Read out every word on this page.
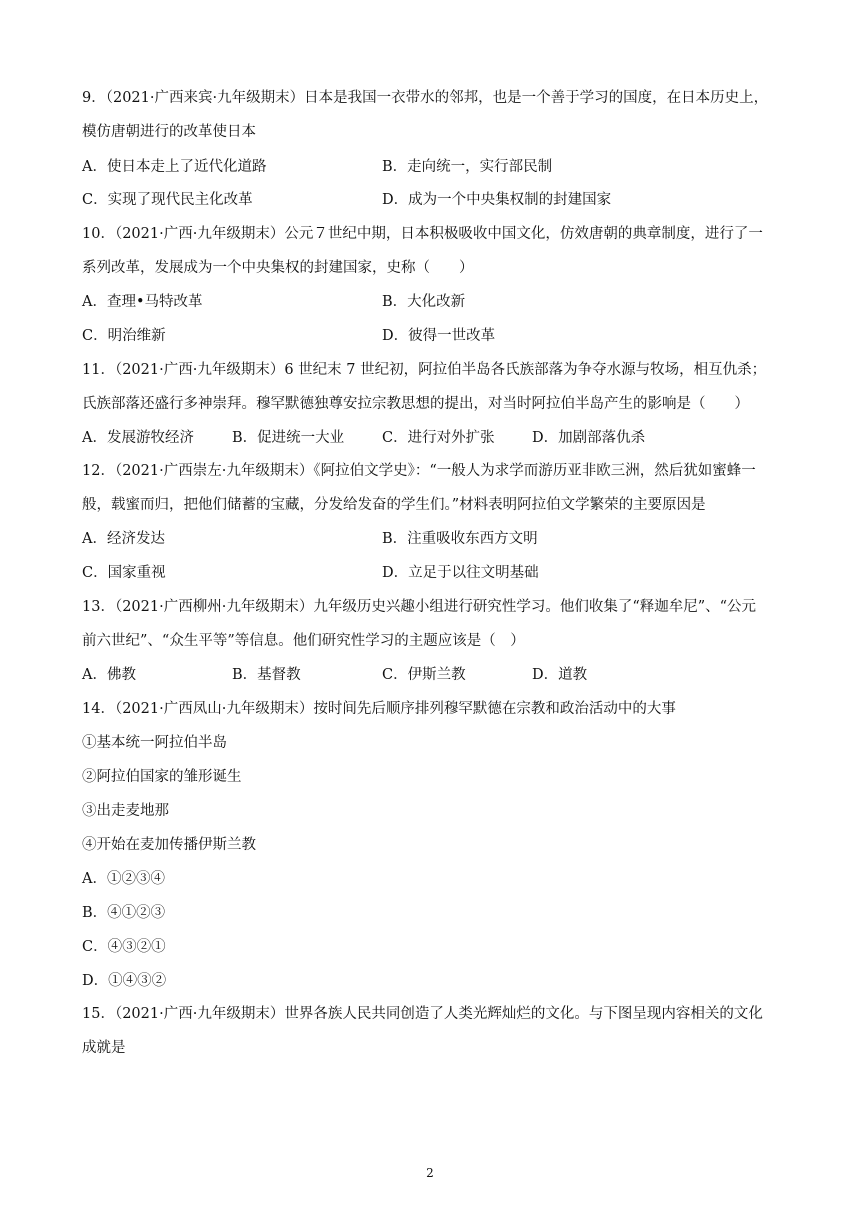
9．（2021·广西来宾·九年级期末）日本是我国一衣带水的邻邦，也是一个善于学习的国度，在日本历史上，
模仿唐朝进行的改革使日本
A．使日本走上了近代化道路	B．走向统一，实行部民制
C．实现了现代民主化改革	D．成为一个中央集权制的封建国家
10．（2021·广西·九年级期末）公元７世纪中期，日本积极吸收中国文化，仿效唐朝的典章制度，进行了一
系列改革，发展成为一个中央集权的封建国家，史称（　　）
A．查理•马特改革	B．大化改新
C．明治维新	D．彼得一世改革
11．（2021·广西·九年级期末）6 世纪末 7 世纪初，阿拉伯半岛各氏族部落为争夺水源与牧场，相互仇杀；
氏族部落还盛行多神崇拜。穆罕默德独尊安拉宗教思想的提出，对当时阿拉伯半岛产生的影响是（　　）
A．发展游牧经济	B．促进统一大业	C．进行对外扩张	D．加剧部落仇杀
12．（2021·广西崇左·九年级期末）《阿拉伯文学史》：“一般人为求学而游历亚非欧三洲，然后犹如蜜蜂一
般，载蜜而归，把他们储蓄的宝藏，分发给发奋的学生们。”材料表明阿拉伯文学繁荣的主要原因是
A．经济发达	B．注重吸收东西方文明
C．国家重视	D．立足于以往文明基础
13．（2021·广西柳州·九年级期末）九年级历史兴趣小组进行研究性学习。他们收集了“释迦牟尼”、“公元
前六世纪”、“众生平等”等信息。他们研究性学习的主题应该是（　）
A．佛教	B．基督教	C．伊斯兰教	D．道教
14．（2021·广西凤山·九年级期末）按时间先后顺序排列穆罕默德在宗教和政治活动中的大事
①基本统一阿拉伯半岛
②阿拉伯国家的雏形诞生
③出走麦地那
④开始在麦加传播伊斯兰教
A．①②③④
B．④①②③
C．④③②①
D．①④③②
15．（2021·广西·九年级期末）世界各族人民共同创造了人类光辉灿烂的文化。与下图呈现内容相关的文化
成就是
2
